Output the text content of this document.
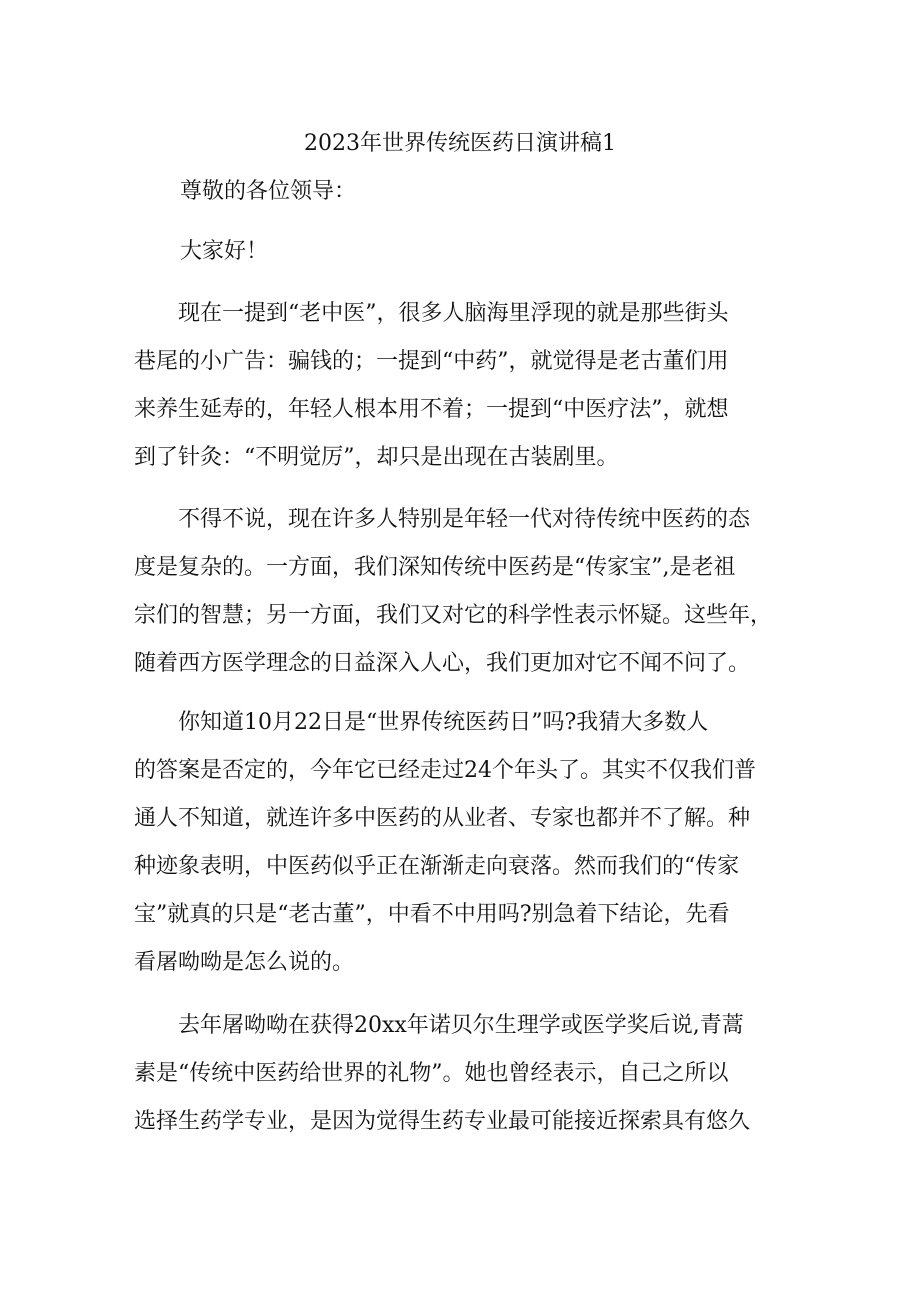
2023年世界传统医药日演讲稿1
尊敬的各位领导：
大家好！
现在一提到“老中医”，很多人脑海里浮现的就是那些街头
巷尾的小广告：骗钱的；一提到“中药”，就觉得是老古董们用
来养生延寿的，年轻人根本用不着；一提到“中医疗法”，就想
到了针灸：“不明觉厉”，却只是出现在古装剧里。
不得不说，现在许多人特别是年轻一代对待传统中医药的态
度是复杂的。一方面，我们深知传统中医药是“传家宝”,是老祖
宗们的智慧；另一方面，我们又对它的科学性表示怀疑。这些年，
随着西方医学理念的日益深入人心，我们更加对它不闻不问了。
你知道10月22日是“世界传统医药日”吗?我猜大多数人
的答案是否定的，今年它已经走过24个年头了。其实不仅我们普
通人不知道，就连许多中医药的从业者、专家也都并不了解。种
种迹象表明，中医药似乎正在渐渐走向衰落。然而我们的“传家
宝”就真的只是“老古董”，中看不中用吗?别急着下结论，先看
看屠呦呦是怎么说的。
去年屠呦呦在获得20xx年诺贝尔生理学或医学奖后说,青蒿
素是“传统中医药给世界的礼物”。她也曾经表示，自己之所以
选择生药学专业，是因为觉得生药专业最可能接近探索具有悠久
